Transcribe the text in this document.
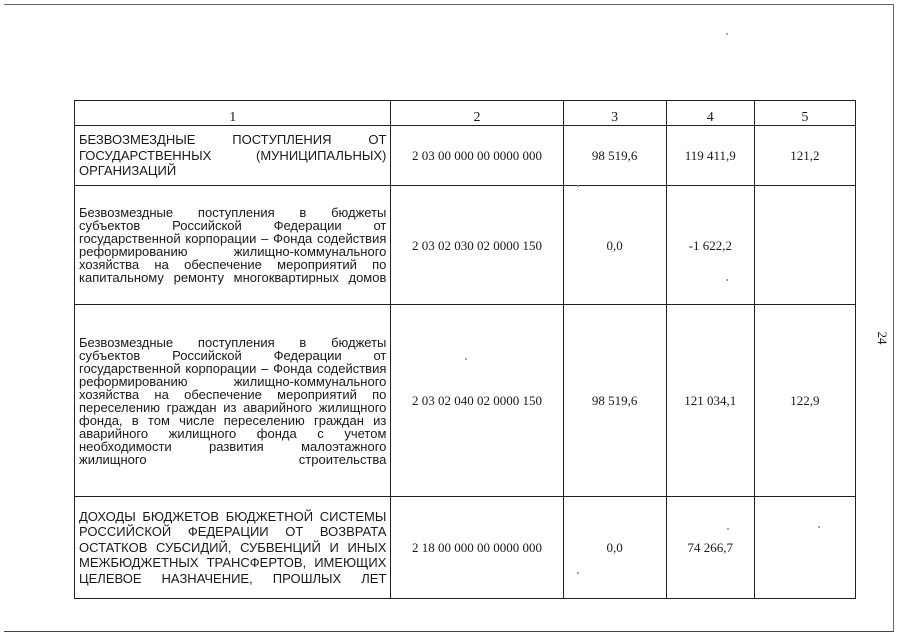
24
1	2	3	4	5
БЕЗВОЗМЕЗДНЫЕ ПОСТУПЛЕНИЯ ОТ ГОСУДАРСТВЕННЫХ (МУНИЦИПАЛЬНЫХ) ОРГАНИЗАЦИЙ	2 03 00 000 00 0000 000	98 519,6	119 411,9	121,2
Безвозмездные поступления в бюджеты субъектов Российской Федерации от государственной корпорации – Фонда содействия реформированию жилищно-коммунального хозяйства на обеспечение мероприятий по капитальному ремонту многоквартирных домов	2 03 02 030 02 0000 150	0,0	-1 622,2	
Безвозмездные поступления в бюджеты субъектов Российской Федерации от государственной корпорации – Фонда содействия реформированию жилищно-коммунального хозяйства на обеспечение мероприятий по переселению граждан из аварийного жилищного фонда, в том числе переселению граждан из аварийного жилищного фонда с учетом необходимости развития малоэтажного жилищного строительства	2 03 02 040 02 0000 150	98 519,6	121 034,1	122,9
ДОХОДЫ БЮДЖЕТОВ БЮДЖЕТНОЙ СИСТЕМЫ РОССИЙСКОЙ ФЕДЕРАЦИИ ОТ ВОЗВРАТА ОСТАТКОВ СУБСИДИЙ, СУБВЕНЦИЙ И ИНЫХ МЕЖБЮДЖЕТНЫХ ТРАНСФЕРТОВ, ИМЕЮЩИХ ЦЕЛЕВОЕ НАЗНАЧЕНИЕ, ПРОШЛЫХ ЛЕТ	2 18 00 000 00 0000 000	0,0	74 266,7	
